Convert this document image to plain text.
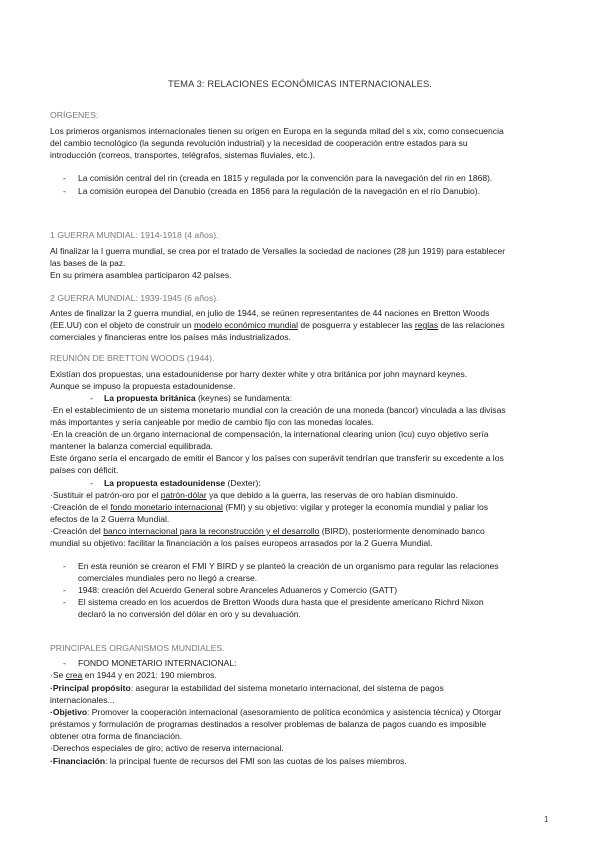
TEMA 3: RELACIONES ECONÓMICAS INTERNACIONALES.
ORÍGENES:
Los primeros organismos internacionales tienen su origen en Europa en la segunda mitad del s xix, como consecuencia
del cambio tecnológico (la segunda revolución industrial) y la necesidad de cooperación entre estados para su
introducción (correos, transportes, telégrafos, sistemas fluviales, etc.).
- La comisión central del rin (creada en 1815 y regulada por la convención para la navegación del rin en 1868).
- La comisión europea del Danubio (creada en 1856 para la regulación de la navegación en el río Danubio).
1 GUERRA MUNDIAL: 1914-1918 (4 años).
Al finalizar la I guerra mundial, se crea por el tratado de Versalles la sociedad de naciones (28 jun 1919) para establecer
las bases de la paz.
En su primera asamblea participaron 42 países.
2 GUERRA MUNDIAL: 1939-1945 (6 años).
Antes de finalizar la 2 guerra mundial, en julio de 1944, se reúnen representantes de 44 naciones en Bretton Woods
(EE.UU) con el objeto de construir un modelo económico mundial de posguerra y establecer las reglas de las relaciones
comerciales y financieras entre los países más industrializados.
REUNIÓN DE BRETTON WOODS (1944).
Existían dos propuestas, una estadounidense por harry dexter white y otra británica por john maynard keynes.
Aunque se impuso la propuesta estadounidense.
- La propuesta británica (keynes) se fundamenta:
·En el establecimiento de un sistema monetario mundial con la creación de una moneda (bancor) vinculada a las divisas
más importantes y sería canjeable por medio de cambio fijo con las monedas locales.
·En la creación de un órgano internacional de compensación, la international clearing union (icu) cuyo objetivo sería
mantener la balanza comercial equilibrada.
Este órgano sería el encargado de emitir el Bancor y los países con superávit tendrían que transferir su excedente a los
países con déficit.
- La propuesta estadounidense (Dexter):
·Sustituir el patrón-oro por el patrón-dólar ya que debido a la guerra, las reservas de oro habían disminuido.
·Creación de el fondo monetario internacional (FMI) y su objetivo: vigilar y proteger la economía mundial y paliar los
efectos de la 2 Guerra Mundial.
·Creación del banco internacional para la reconstrucción y el desarrollo (BIRD), posteriormente denominado banco
mundial su objetivo: facilitar la financiación a los países europeos arrasados por la 2 Guerra Mundial.
- En esta reunión se crearon el FMI Y BIRD y se planteó la creación de un organismo para regular las relaciones
comerciales mundiales pero no llegó a crearse.
- 1948: creación del Acuerdo General sobre Aranceles Aduaneros y Comercio (GATT)
- El sistema creado en los acuerdos de Bretton Woods dura hasta que el presidente americano Richrd Nixon
declaró la no conversión del dólar en oro y su devaluación.
PRINCIPALES ORGANISMOS MUNDIALES.
- FONDO MONETARIO INTERNACIONAL:
·Se crea en 1944 y en 2021: 190 miembros.
·Principal propósito: asegurar la estabilidad del sistema monetario internacional, del sistema de pagos
internacionales...
·Objetivo: Promover la cooperación internacional (asesoramiento de política económica y asistencia técnica) y Otorgar
préstamos y formulación de programas destinados a resolver problemas de balanza de pagos cuando es imposible
obtener otra forma de financiación.
·Derechos especiales de giro; activo de reserva internacional.
·Financiación: la principal fuente de recursos del FMI son las cuotas de los países miembros.
1
